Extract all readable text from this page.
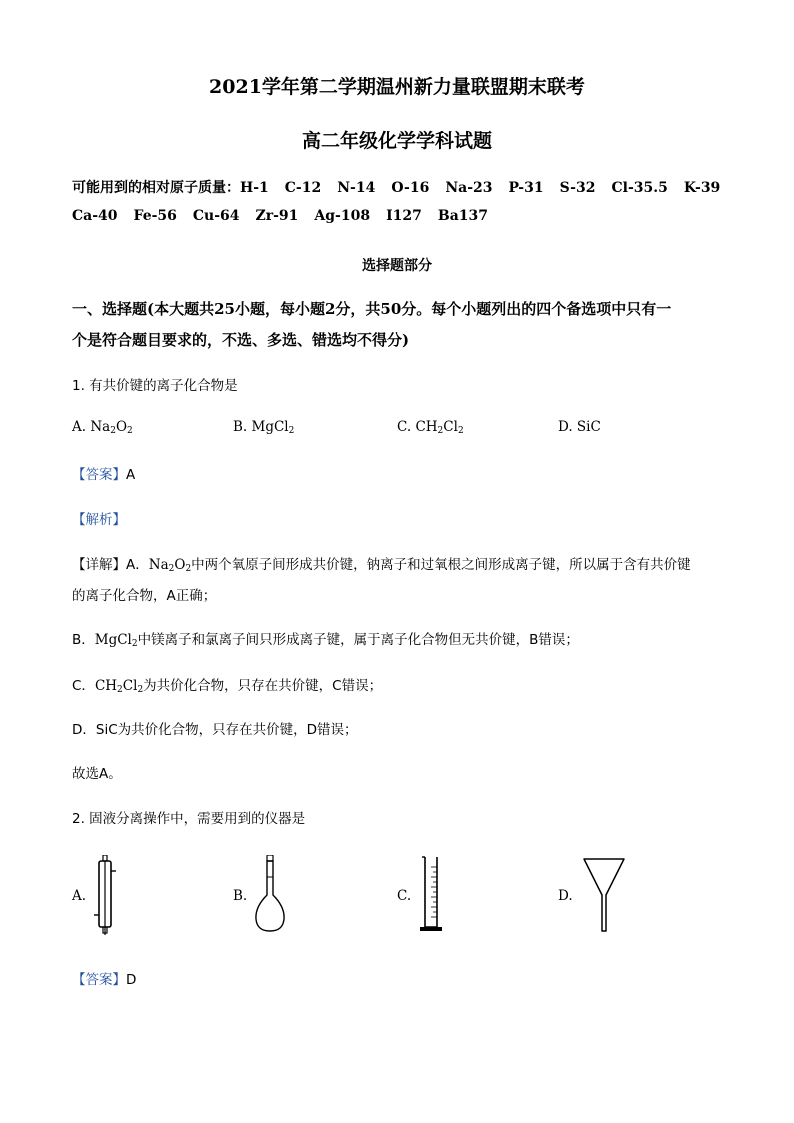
2021学年第二学期温州新力量联盟期末联考
高二年级化学学科试题
可能用到的相对原子质量：H-1 C-12 N-14 O-16 Na-23 P-31 S-32 Cl-35.5 K-39
Ca-40 Fe-56 Cu-64 Zr-91 Ag-108 I127 Ba137
选择题部分
一、选择题(本大题共25小题，每小题2分，共50分。每个小题列出的四个备选项中只有一
个是符合题目要求的，不选、多选、错选均不得分)
1. 有共价键的离子化合物是
A. $Na_2O_2$	B. MgCl$_2$	C. $CH_2Cl_2$	D. SiC
【答案】A
【解析】
【详解】A．$Na_2O_2$中两个氧原子间形成共价键，钠离子和过氧根之间形成离子键，所以属于含有共价键
的离子化合物，A正确；
B．MgCl$_2$中镁离子和氯离子间只形成离子键，属于离子化合物但无共价键，B错误；
C．$CH_2Cl_2$为共价化合物，只存在共价键，C错误；
D．SiC为共价化合物，只存在共价键，D错误；
故选A。
2. 固液分离操作中，需要用到的仪器是
A.	B.	C.	D.
【答案】D
